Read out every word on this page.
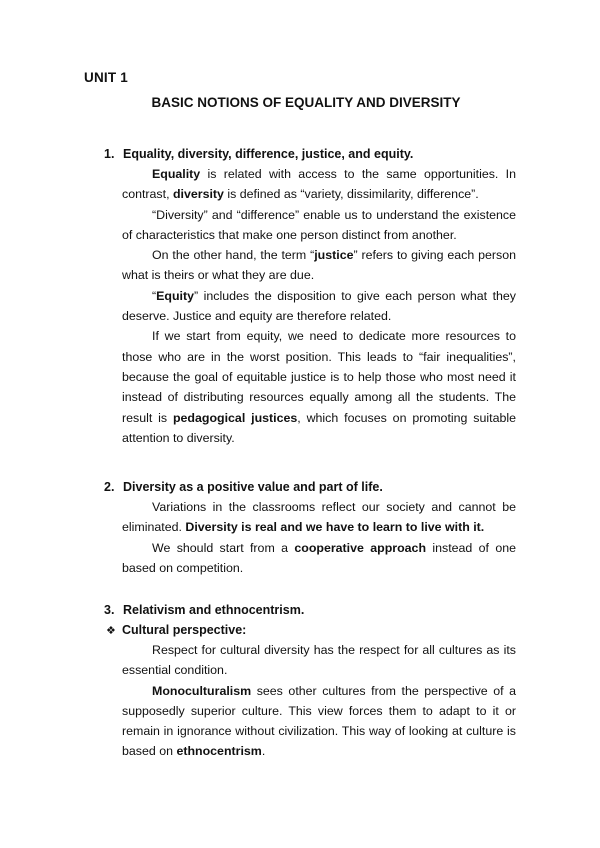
UNIT 1
BASIC NOTIONS OF EQUALITY AND DIVERSITY
1. Equality, diversity, difference, justice, and equity.

Equality is related with access to the same opportunities. In contrast, diversity is defined as “variety, dissimilarity, difference”.

“Diversity” and “difference” enable us to understand the existence of characteristics that make one person distinct from another.

On the other hand, the term “justice” refers to giving each person what is theirs or what they are due.

“Equity” includes the disposition to give each person what they deserve. Justice and equity are therefore related.

If we start from equity, we need to dedicate more resources to those who are in the worst position. This leads to “fair inequalities”, because the goal of equitable justice is to help those who most need it instead of distributing resources equally among all the students. The result is pedagogical justices, which focuses on promoting suitable attention to diversity.

2. Diversity as a positive value and part of life.

Variations in the classrooms reflect our society and cannot be eliminated. Diversity is real and we have to learn to live with it.

We should start from a cooperative approach instead of one based on competition.

3. Relativism and ethnocentrism.
❖ Cultural perspective:

Respect for cultural diversity has the respect for all cultures as its essential condition.

Monoculturalism sees other cultures from the perspective of a supposedly superior culture. This view forces them to adapt to it or remain in ignorance without civilization. This way of looking at culture is based on ethnocentrism.
